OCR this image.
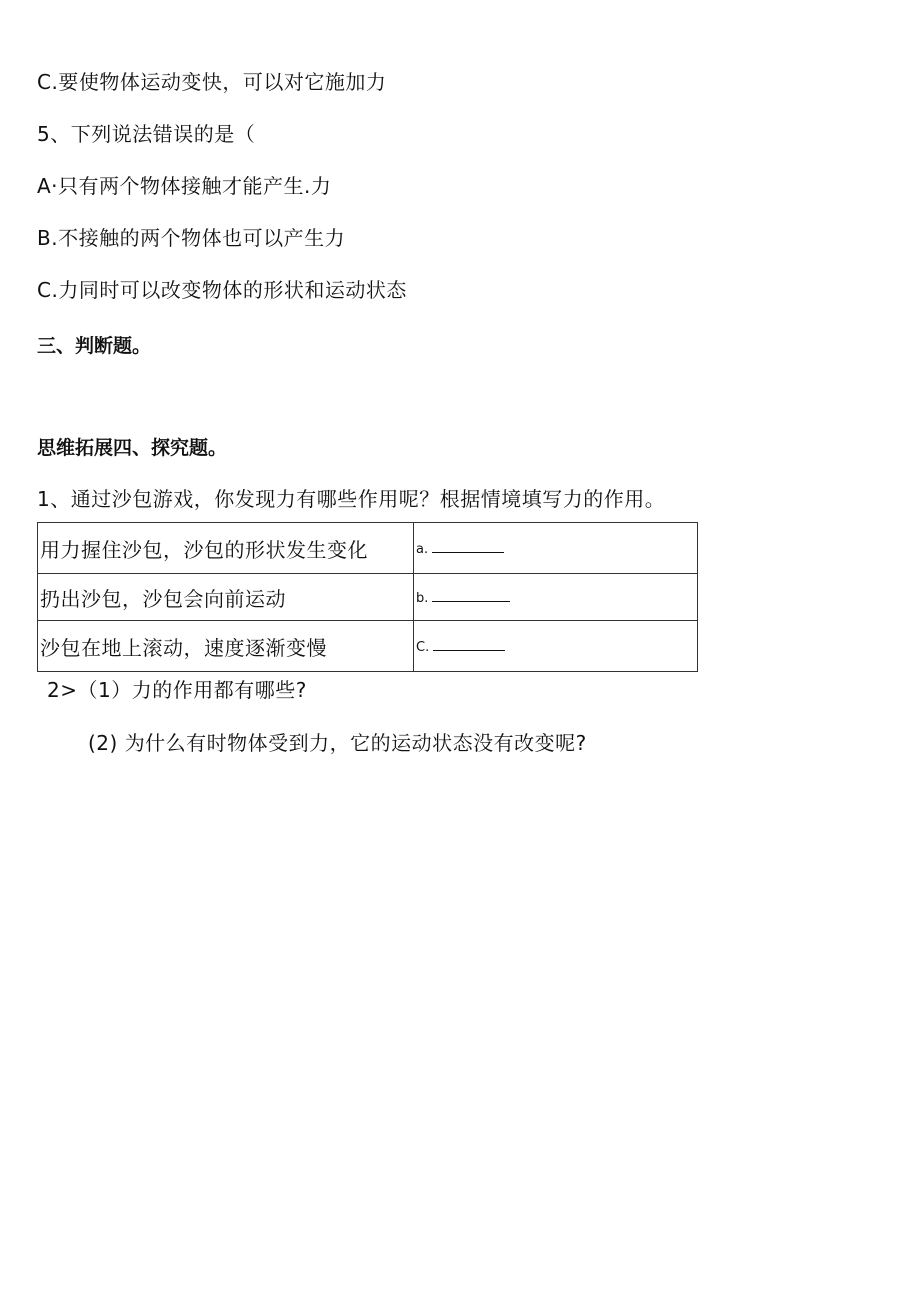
C.要使物体运动变快，可以对它施加力
5、下列说法错误的是（
A·只有两个物体接触才能产生.力
B.不接触的两个物体也可以产生力
C.力同时可以改变物体的形状和运动状态
三、判断题。
思维拓展四、探究题。
1、通过沙包游戏，你发现力有哪些作用呢？根据情境填写力的作用。
用力握住沙包，沙包的形状发生变化	a.
扔出沙包，沙包会向前运动	b.
沙包在地上滚动，速度逐渐变慢	C.
2>（1）力的作用都有哪些?
(2) 为什么有时物体受到力，它的运动状态没有改变呢?
